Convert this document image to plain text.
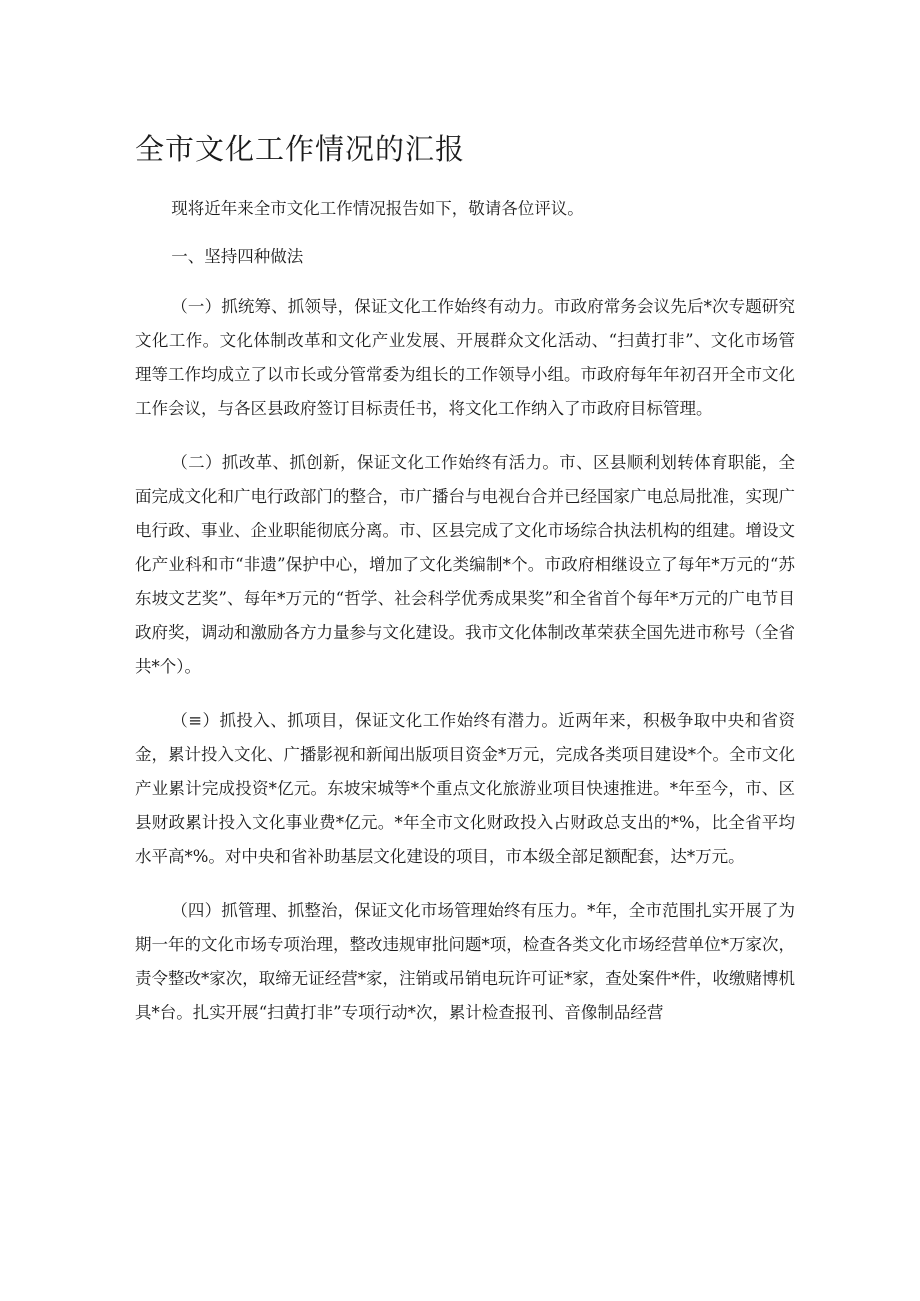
全市文化工作情况的汇报

现将近年来全市文化工作情况报告如下，敬请各位评议。

一、坚持四种做法

（一）抓统筹、抓领导，保证文化工作始终有动力。市政府常务会议先后*次专题研究文化工作。文化体制改革和文化产业发展、开展群众文化活动、“扫黄打非”、文化市场管理等工作均成立了以市长或分管常委为组长的工作领导小组。市政府每年年初召开全市文化工作会议，与各区县政府签订目标责任书，将文化工作纳入了市政府目标管理。

（二）抓改革、抓创新，保证文化工作始终有活力。市、区县顺利划转体育职能，全面完成文化和广电行政部门的整合，市广播台与电视台合并已经国家广电总局批准，实现广电行政、事业、企业职能彻底分离。市、区县完成了文化市场综合执法机构的组建。增设文化产业科和市“非遗”保护中心，增加了文化类编制*个。市政府相继设立了每年*万元的“苏东坡文艺奖”、每年*万元的“哲学、社会科学优秀成果奖”和全省首个每年*万元的广电节目政府奖，调动和激励各方力量参与文化建设。我市文化体制改革荣获全国先进市称号（全省共*个）。

（≡）抓投入、抓项目，保证文化工作始终有潜力。近两年来，积极争取中央和省资金，累计投入文化、广播影视和新闻出版项目资金*万元，完成各类项目建设*个。全市文化产业累计完成投资*亿元。东坡宋城等*个重点文化旅游业项目快速推进。*年至今，市、区县财政累计投入文化事业费*亿元。*年全市文化财政投入占财政总支出的*%，比全省平均水平高*%。对中央和省补助基层文化建设的项目，市本级全部足额配套，达*万元。

（四）抓管理、抓整治，保证文化市场管理始终有压力。*年，全市范围扎实开展了为期一年的文化市场专项治理，整改违规审批问题*项，检查各类文化市场经营单位*万家次，责令整改*家次，取缔无证经营*家，注销或吊销电玩许可证*家，查处案件*件，收缴赌博机具*台。扎实开展“扫黄打非”专项行动*次，累计检查报刊、音像制品经营
